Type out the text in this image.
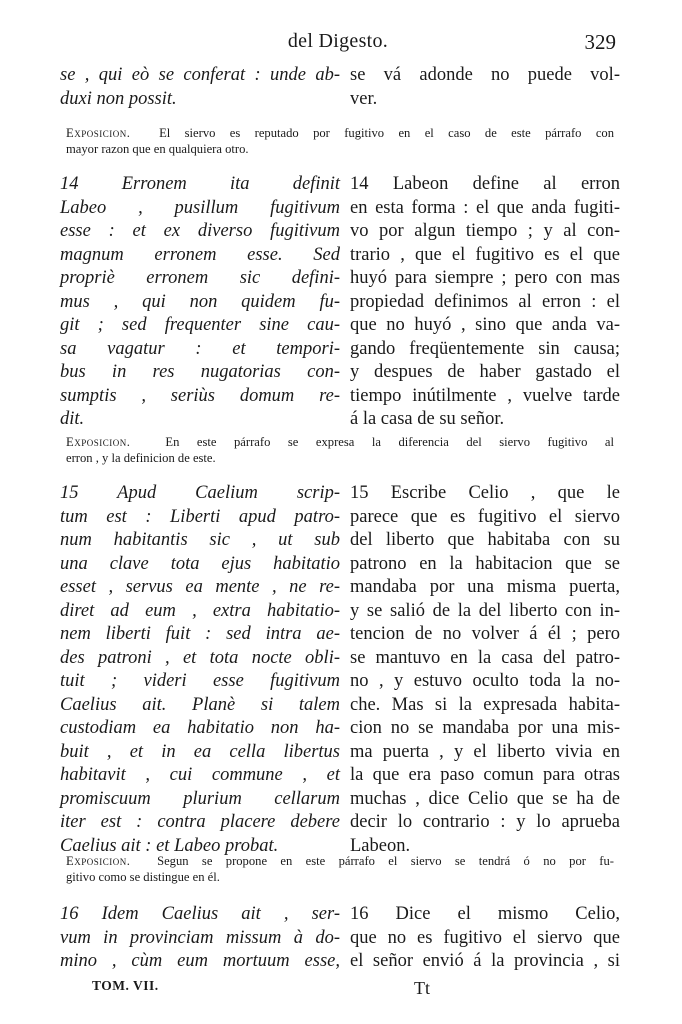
del Digesto.	329
se , qui eò se conferat : unde ab-
duxi non possit.
se vá adonde no puede vol-
ver.
Exposicion. El siervo es reputado por fugitivo en el caso de este párrafo con
mayor razon que en qualquiera otro.
14 Erronem ita definit
Labeo , pusillum fugitivum
esse : et ex diverso fugitivum
magnum erronem esse. Sed
propriè erronem sic defini-
mus , qui non quidem fu-
git ; sed frequenter sine cau-
sa vagatur : et tempori-
bus in res nugatorias con-
sumptis , seriùs domum re-
dit.
14 Labeon define al erron
en esta forma : el que anda fugiti-
vo por algun tiempo ; y al con-
trario , que el fugitivo es el que
huyó para siempre ; pero con mas
propiedad definimos al erron : el
que no huyó , sino que anda va-
gando freqüentemente sin causa;
y despues de haber gastado el
tiempo inútilmente , vuelve tarde
á la casa de su señor.
Exposicion.	En este párrafo se expresa la diferencia del siervo fugitivo al
erron , y la definicion de este.
15 Apud Caelium scrip-
tum est : Liberti apud patro-
num habitantis sic , ut sub
una clave tota ejus habitatio
esset , servus ea mente , ne re-
diret ad eum , extra habitatio-
nem liberti fuit : sed intra ae-
des patroni , et tota nocte obli-
tuit ; videri esse fugitivum
Caelius ait. Planè si talem
custodiam ea habitatio non ha-
buit , et in ea cella libertus
habitavit , cui commune , et
promiscuum plurium cellarum
iter est : contra placere debere
Caelius ait : et Labeo probat.
15 Escribe Celio , que le
parece que es fugitivo el siervo
del liberto que habitaba con su
patrono en la habitacion que se
mandaba por una misma puerta,
y se salió de la del liberto con in-
tencion de no volver á él ; pero
se mantuvo en la casa del patro-
no , y estuvo oculto toda la no-
che. Mas si la expresada habita-
cion no se mandaba por una mis-
ma puerta , y el liberto vivia en
la que era paso comun para otras
muchas , dice Celio que se ha de
decir lo contrario : y lo aprueba
Labeon.
Exposicion. Segun se propone en este párrafo el siervo se tendrá ó no por fu-
gitivo como se distingue en él.
16 Idem Caelius ait , ser-
vum in provinciam missum à do-
mino , cùm eum mortuum esse,
16 Dice el mismo Celio,
que no es fugitivo el siervo que
el señor envió á la provincia , si
TOM. VII.	Tt
